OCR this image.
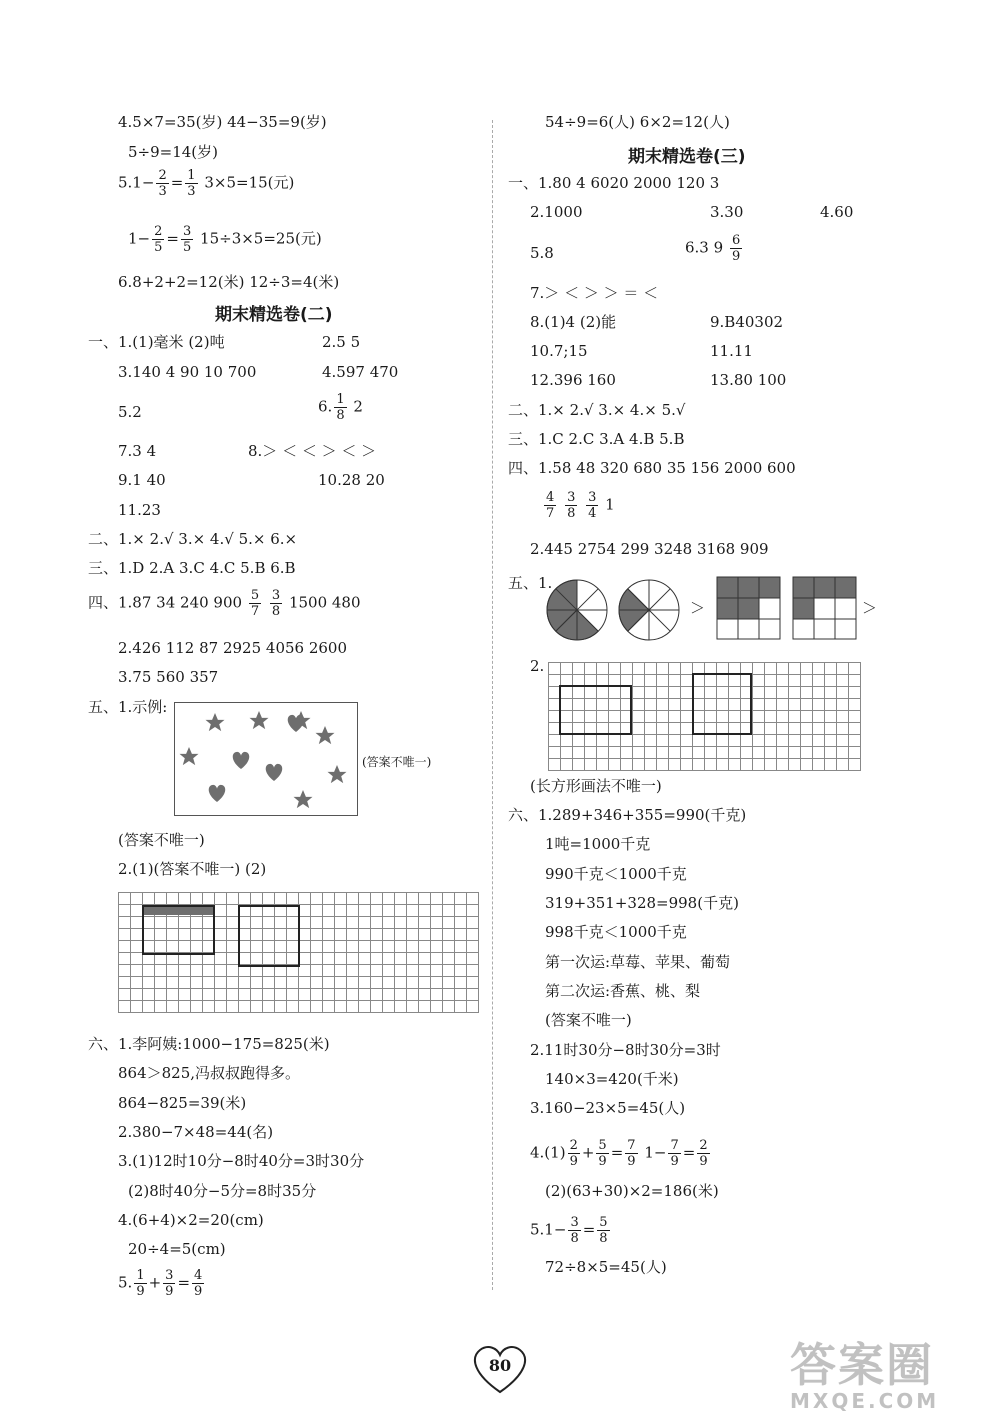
期末精选卷(二)
期末精选卷(三)
(答案不唯一)
＞	＞
80	答案圈
MXQE.COM
4.5×7=35(岁) 44−35=9(岁)
5÷9=14(岁)
6.8+2+2=12(米) 12÷3=4(米)
一、1.(1)毫米 (2)吨	2.5 5
3.140 4 90 10 700	4.597 470
5.2
7.3 4	8.＞ ＜ ＜ ＞ ＜ ＞
9.1 40	10.28 20
11.23
二、1.× 2.√ 3.× 4.√ 5.× 6.×
三、1.D 2.A 3.C 4.C 5.B 6.B
2.426 112 87 2925 4056 2600
3.75 560 357
五、1.示例:
(答案不唯一)
2.(1)(答案不唯一) (2)
六、1.李阿姨:1000−175=825(米)
864＞825,冯叔叔跑得多。
864−825=39(米)
2.380−7×48=44(名)
3.(1)12时10分−8时40分=3时30分
(2)8时40分−5分=8时35分
4.(6+4)×2=20(cm)
20÷4=5(cm)
54÷9=6(人) 6×2=12(人)
一、1.80 4 6020 2000 120 3
2.1000	3.30	4.60
5.8
7.＞ ＜ ＞ ＞ ＝ ＜
8.(1)4 (2)能	9.B40302
10.7;15	11.11
12.396 160	13.80 100
二、1.× 2.√ 3.× 4.× 5.√
三、1.C 2.C 3.A 4.B 5.B
四、1.58 48 320 680 35 156 2000 600
2.445 2754 299 3248 3168 909
五、1.
2.
(长方形画法不唯一)
六、1.289+346+355=990(千克)
1吨=1000千克
990千克＜1000千克
319+351+328=998(千克)
998千克＜1000千克
第一次运:草莓、苹果、葡萄
第二次运:香蕉、桃、梨
(答案不唯一)
2.11时30分−8时30分=3时
140×3=420(千米)
3.160−23×5=45(人)
(2)(63+30)×2=186(米)
72÷8×5=45(人)
$5.1- \frac{2}{3} = \frac{1}{3} 3\times 5=15$(元)
$1- \frac{2}{5} = \frac{3}{5} 15\div 3\times 5=25$(元)
6. $\frac{1}{8} 2$
四、1.87 34 240 $900 \frac{5}{7}$
$\frac{3}{8} 1500$ 480
5. $\frac{1}{9} + \frac{3}{9} = \frac{4}{9}$
6.3 $9 \frac{6}{9}$
$\frac{4}{7}$
$\frac{3}{8}$
$\frac{3}{4} 1$
$4.(1) \frac{2}{9} + \frac{5}{9} = \frac{7}{9} 1- \frac{7}{9} = \frac{2}{9}$
$5.1- \frac{3}{8} = \frac{5}{8}$
